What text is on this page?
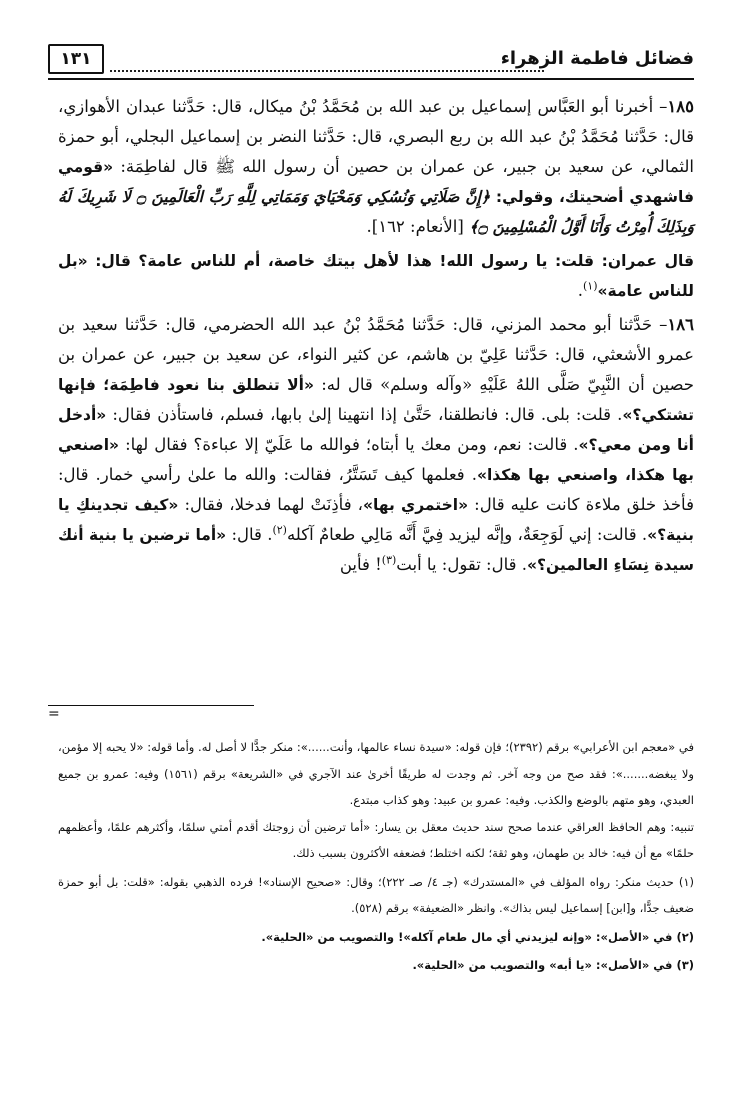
فضائل فاطمة الزهراء
١٣١

١٨٥– أخبرنا أبو العَبَّاس إسماعيل بن عبد الله بن مُحَمَّدُ بْنُ ميكال، قال: حَدَّثنا عبدان الأهوازي، قال: حَدَّثنا مُحَمَّدُ بْنُ عبد الله بن ربع البصري، قال: حَدَّثنا النضر بن إسماعيل البجلي، أبو حمزة الثمالي، عن سعيد بن جبير، عن عمران بن حصين أن رسول الله ﷺ قال لفاطِمَة: «قومي فاشهدي أضحيتك، وقولي: ﴿إِنَّ صَلَاتِي وَنُسُكِي وَمَحْيَايَ وَمَمَاتِي لِلَّهِ رَبِّ الْعَالَمِينَ ۝ لَا شَرِيكَ لَهُ وَبِذَلِكَ أُمِرْتُ وَأَنَا أَوَّلُ الْمُسْلِمِينَ ۝﴾ [الأنعام: ١٦٢].

قال عمران: قلت: يا رسول الله! هذا لأهل بيتك خاصة، أم للناس عامة؟ قال: «بل للناس عامة»$^{(١)}$.

١٨٦– حَدَّثنا أبو محمد المزني، قال: حَدَّثنا مُحَمَّدُ بْنُ عبد الله الحضرمي، قال: حَدَّثنا سعيد بن عمرو الأشعثي، قال: حَدَّثنا عَلِيّ بن هاشم، عن كثير النواء، عن سعيد بن جبير، عن عمران بن حصين أن النَّبِيّ صَلَّى اللهُ عَلَيْهِ «وآله وسلم» قال له: «ألا تنطلق بنا نعود فاطِمَة؛ فإنها تشتكي؟». قلت: بلى. قال: فانطلقنا، حَتَّىٰ إذا انتهينا إلىٰ بابها، فسلم، فاستأذن فقال: «أدخل أنا ومن معي؟». قالت: نعم، ومن معك يا أبتاه؛ فوالله ما عَلَيّ إلا عباءة؟ فقال لها: «اصنعي بها هكذا، واصنعي بها هكذا». فعلمها كيف تَسَتَّرُ، فقالت: والله ما علىٰ رأسي خمار. قال: فأخذ خلق ملاءة كانت عليه قال: «اختمري بها»، فأذِنَتْ لهما فدخلا، فقال: «كيف تجدينكِ يا بنية؟». قالت: إني لَوَجِعَةٌ، وإنَّه ليزيد فِيَّ أَنَّه مَالِي طعامٌ آكله$^{(٢)}$. قال: «أما ترضين يا بنية أنك سيدة نِسَاءِ العالمين؟». قال: تقول: يا أبت$^{(٣)}$! فأين

=

في «معجم ابن الأعرابي» برقم (٢٣٩٢)؛ فإن قوله: «سيدة نساء عالمها، وأنت......»: منكر جدًّا لا أصل له. وأما قوله: «لا يحبه إلا مؤمن، ولا يبغضه.......»: فقد صح من وجه آخر. ثم وجدت له طريقًا أخرىٰ عند الآجري في «الشريعة» برقم (١٥٦١) وفيه: عمرو بن جميع العبدي، وهو متهم بالوضع والكذب. وفيه: عمرو بن عبيد: وهو كذاب مبتدع.

تنبيه: وهم الحافظ العراقي عندما صحح سند حديث معقل بن يسار: «أما ترضين أن زوجتك أقدم أمتي سلمًا، وأكثرهم علمًا، وأعظمهم حلمًا» مع أن فيه: خالد بن طهمان، وهو ثقة؛ لكنه اختلط؛ فضعفه الأكثرون بسبب ذلك.

(١) حديث منكر: رواه المؤلف في «المستدرك» (جـ ٤/ صـ ٢٢٢)؛ وقال: «صحيح الإسناد»! فرده الذهبي بقوله: «قلت: بل أبو حمزة ضعيف جدًّا، و[ابن] إسماعيل ليس بذاك». وانظر «الضعيفة» برقم (٥٢٨).

(٢) في «الأصل»: «وإنه ليزيدني أي مال طعام آكله»! والتصويب من «الحلية».

(٣) في «الأصل»: «يا أبه» والتصويب من «الحلية».
